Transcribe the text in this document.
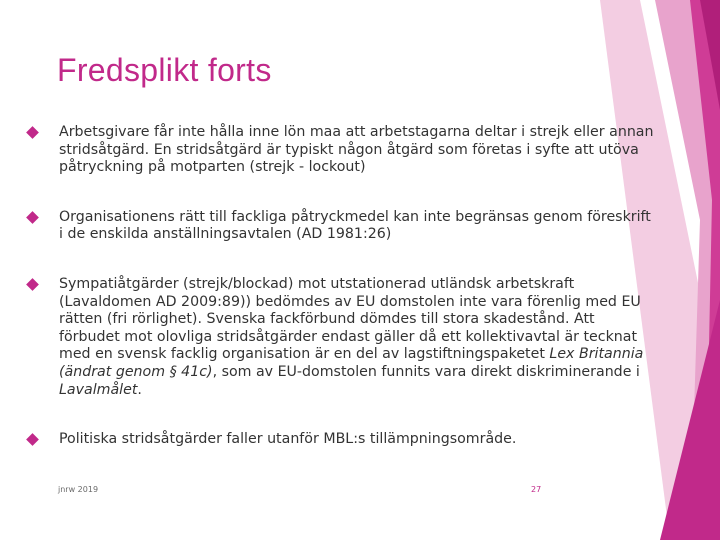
Fredsplikt forts
Arbetsgivare får inte hålla inne lön maa att arbetstagarna deltar i strejk eller annan stridsåtgärd. En stridsåtgärd är typiskt någon åtgärd som företas i syfte att utöva påtryckning på motparten (strejk - lockout)
Organisationens rätt till fackliga påtryckmedel kan inte begränsas genom föreskrift i de enskilda anställningsavtalen (AD 1981:26)
Sympatiåtgärder (strejk/blockad) mot utstationerad utländsk arbetskraft (Lavaldomen AD 2009:89)) bedömdes av EU domstolen inte vara förenlig med EU rätten (fri rörlighet). Svenska fackförbund dömdes till stora skadestånd. Att förbudet mot olovliga stridsåtgärder endast gäller då ett kollektivavtal är tecknat med en svensk facklig organisation är en del av lagstiftningspaketet Lex Britannia (ändrat genom § 41c), som av EU-domstolen funnits vara direkt diskriminerande i Lavalmålet.
Politiska stridsåtgärder faller utanför MBL:s tillämpningsområde.
jnrw 2019	27
